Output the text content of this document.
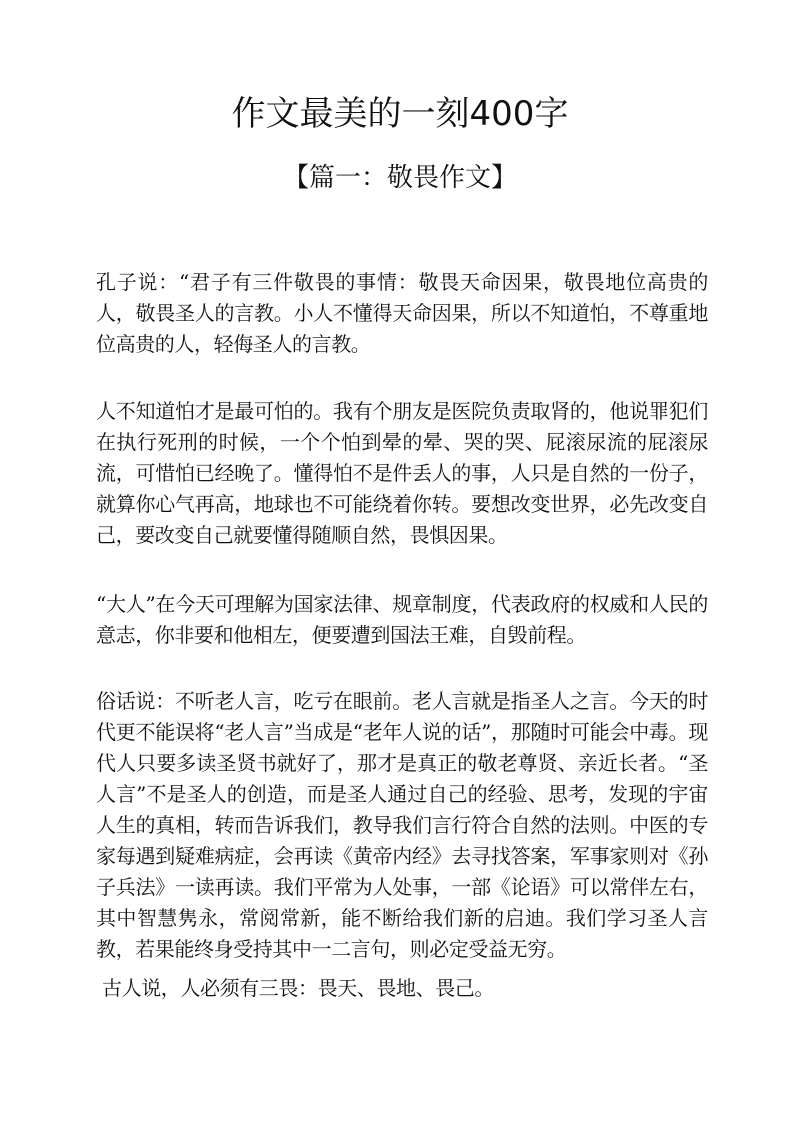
作文最美的一刻400字
【篇一：敬畏作文】

孔子说：“君子有三件敬畏的事情：敬畏天命因果，敬畏地位高贵的人，敬畏圣人的言教。小人不懂得天命因果，所以不知道怕，不尊重地位高贵的人，轻侮圣人的言教。

人不知道怕才是最可怕的。我有个朋友是医院负责取肾的，他说罪犯们在执行死刑的时候，一个个怕到晕的晕、哭的哭、屁滚尿流的屁滚尿流，可惜怕已经晚了。懂得怕不是件丢人的事，人只是自然的一份子，就算你心气再高，地球也不可能绕着你转。要想改变世界，必先改变自己，要改变自己就要懂得随顺自然，畏惧因果。

“大人”在今天可理解为国家法律、规章制度，代表政府的权威和人民的意志，你非要和他相左，便要遭到国法王难，自毁前程。

俗话说：不听老人言，吃亏在眼前。老人言就是指圣人之言。今天的时代更不能误将“老人言”当成是“老年人说的话”，那随时可能会中毒。现代人只要多读圣贤书就好了，那才是真正的敬老尊贤、亲近长者。“圣人言”不是圣人的创造，而是圣人通过自己的经验、思考，发现的宇宙人生的真相，转而告诉我们，教导我们言行符合自然的法则。中医的专家每遇到疑难病症，会再读《黄帝内经》去寻找答案，军事家则对《孙子兵法》一读再读。我们平常为人处事，一部《论语》可以常伴左右，其中智慧隽永，常阅常新，能不断给我们新的启迪。我们学习圣人言教，若果能终身受持其中一二言句，则必定受益无穷。

古人说，人必须有三畏：畏天、畏地、畏己。
